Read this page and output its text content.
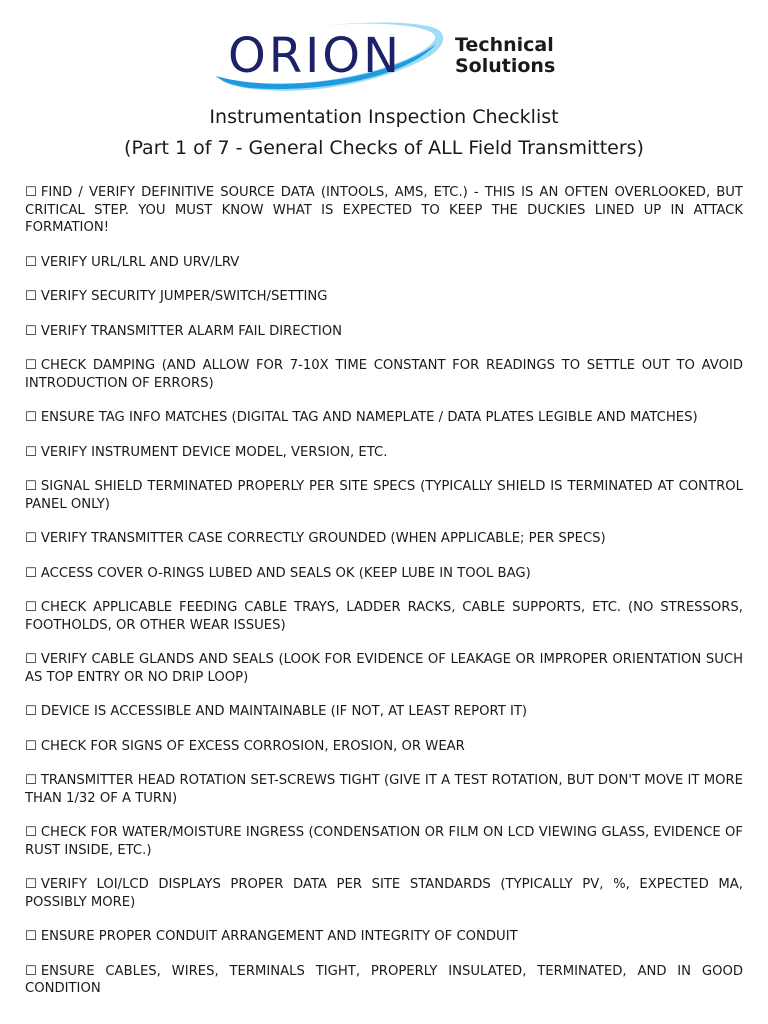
ORION	Technical
Solutions
Instrumentation Inspection Checklist
(Part 1 of 7 - General Checks of ALL Field Transmitters)
☐ FIND / VERIFY DEFINITIVE SOURCE DATA (INTOOLS, AMS, ETC.) - THIS IS AN OFTEN OVERLOOKED, BUT CRITICAL STEP. YOU MUST KNOW WHAT IS EXPECTED TO KEEP THE DUCKIES LINED UP IN ATTACK FORMATION!
☐ VERIFY URL/LRL AND URV/LRV
☐ VERIFY SECURITY JUMPER/SWITCH/SETTING
☐ VERIFY TRANSMITTER ALARM FAIL DIRECTION
☐ CHECK DAMPING (AND ALLOW FOR 7-10X TIME CONSTANT FOR READINGS TO SETTLE OUT TO AVOID INTRODUCTION OF ERRORS)
☐ ENSURE TAG INFO MATCHES (DIGITAL TAG AND NAMEPLATE / DATA PLATES LEGIBLE AND MATCHES)
☐ VERIFY INSTRUMENT DEVICE MODEL, VERSION, ETC.
☐ SIGNAL SHIELD TERMINATED PROPERLY PER SITE SPECS (TYPICALLY SHIELD IS TERMINATED AT CONTROL PANEL ONLY)
☐ VERIFY TRANSMITTER CASE CORRECTLY GROUNDED (WHEN APPLICABLE; PER SPECS)
☐ ACCESS COVER O-RINGS LUBED AND SEALS OK (KEEP LUBE IN TOOL BAG)
☐ CHECK APPLICABLE FEEDING CABLE TRAYS, LADDER RACKS, CABLE SUPPORTS, ETC. (NO STRESSORS, FOOTHOLDS, OR OTHER WEAR ISSUES)
☐ VERIFY CABLE GLANDS AND SEALS (LOOK FOR EVIDENCE OF LEAKAGE OR IMPROPER ORIENTATION SUCH AS TOP ENTRY OR NO DRIP LOOP)
☐ DEVICE IS ACCESSIBLE AND MAINTAINABLE (IF NOT, AT LEAST REPORT IT)
☐ CHECK FOR SIGNS OF EXCESS CORROSION, EROSION, OR WEAR
☐ TRANSMITTER HEAD ROTATION SET-SCREWS TIGHT (GIVE IT A TEST ROTATION, BUT DON'T MOVE IT MORE THAN 1/32 OF A TURN)
☐ CHECK FOR WATER/MOISTURE INGRESS (CONDENSATION OR FILM ON LCD VIEWING GLASS, EVIDENCE OF RUST INSIDE, ETC.)
☐ VERIFY LOI/LCD DISPLAYS PROPER DATA PER SITE STANDARDS (TYPICALLY PV, %, EXPECTED MA, POSSIBLY MORE)
☐ ENSURE PROPER CONDUIT ARRANGEMENT AND INTEGRITY OF CONDUIT
☐ ENSURE CABLES, WIRES, TERMINALS TIGHT, PROPERLY INSULATED, TERMINATED, AND IN GOOD CONDITION
